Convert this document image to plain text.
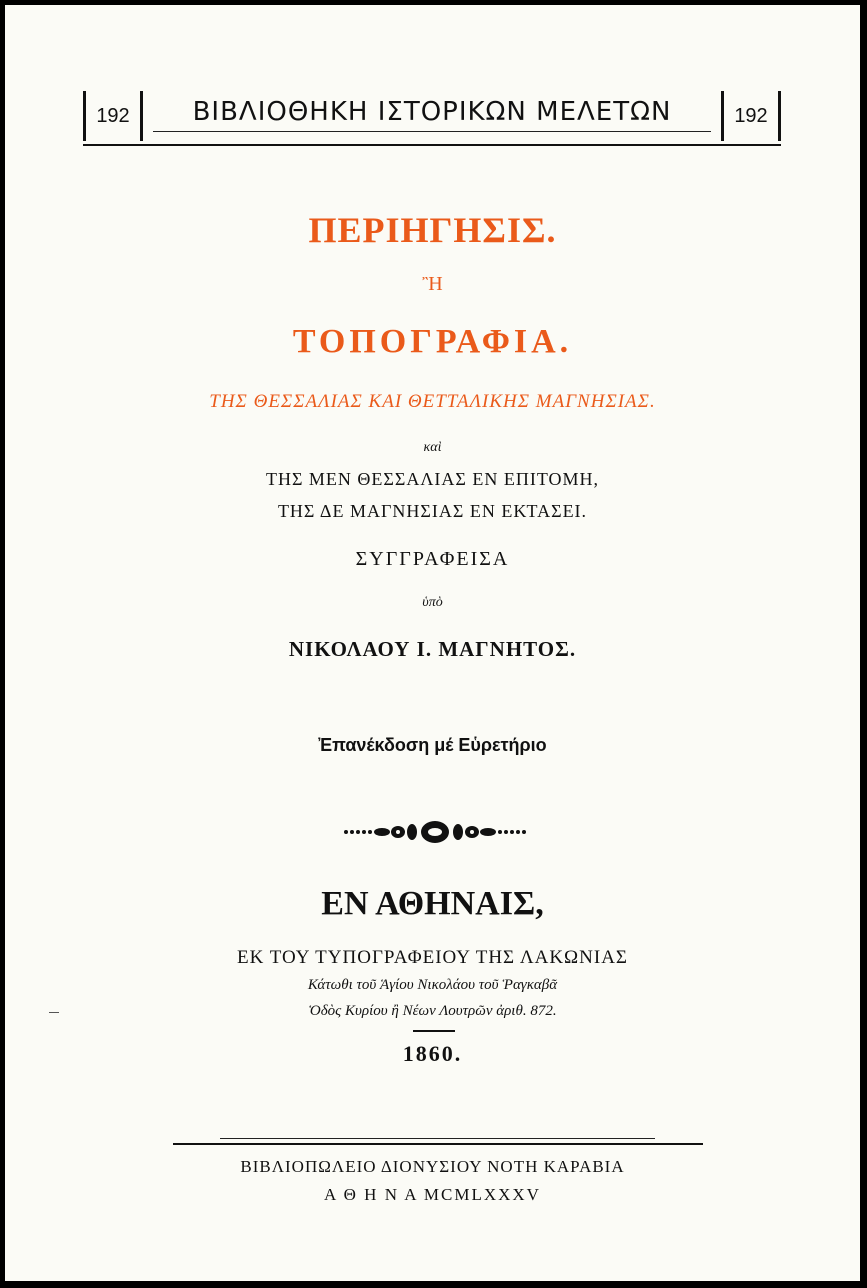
192	ΒΙΒΛΙΟΘΗΚΗ ΙΣΤΟΡΙΚΩΝ ΜΕΛΕΤΩΝ	192
ΠΕΡΙΗΓΗΣΙΣ.
Ἢ
ΤΟΠΟΓΡΑΦΙΑ.
ΤΗΣ ΘΕΣΣΑΛΙΑΣ ΚΑΙ ΘΕΤΤΑΛΙΚΗΣ ΜΑΓΝΗΣΙΑΣ.
καὶ
ΤΗΣ ΜΕΝ ΘΕΣΣΑΛΙΑΣ ΕΝ ΕΠΙΤΟΜΗ,
ΤΗΣ ΔΕ ΜΑΓΝΗΣΙΑΣ ΕΝ ΕΚΤΑΣΕΙ.
ΣΥΓΓΡΑΦΕΙΣΑ
ὑπὸ
ΝΙΚΟΛΑΟΥ Ι. ΜΑΓΝΗΤΟΣ.
Ἐπανέκδοση μέ Εὑρετήριο
ΕΝ ΑΘΗΝΑΙΣ,
ΕΚ ΤΟΥ ΤΥΠΟΓΡΑΦΕΙΟΥ ΤΗΣ ΛΑΚΩΝΙΑΣ
Κάτωθι τοῦ Ἁγίου Νικολάου τοῦ Ῥαγκαβᾶ
Ὁδὸς Κυρίου ἢ Νέων Λουτρῶν ἀριθ. 872.
1860.
ΒΙΒΛΙΟΠΩΛΕΙΟ ΔΙΟΝΥΣΙΟΥ ΝΟΤΗ ΚΑΡΑΒΙΑ
Α Θ Η Ν Α MCMLXXXV
